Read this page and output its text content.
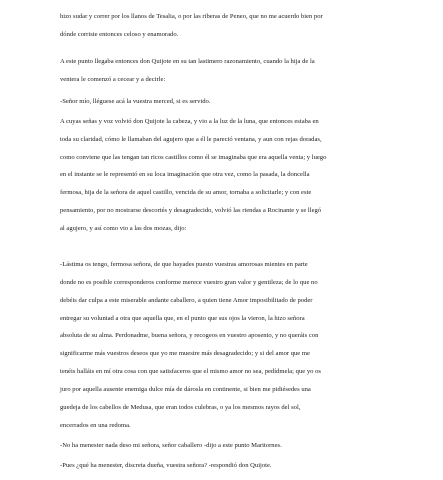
hizo sudar y correr por los llanos de Tesalia, o por las riberas de Peneo, que no me acuerdo bien por
dónde corriste entonces celoso y enamorado.
A este punto llegaba entonces don Quijote en su tan lastimero razonamiento, cuando la hija de la
ventera le comenzó a cecear y a decirle:
-Señor mío, lléguese acá la vuestra merced, si es servido.
A cuyas señas y voz volvió don Quijote la cabeza, y vio a la luz de la luna, que entonces estaba en
toda su claridad, cómo le llamaban del agujero que a él le pareció ventana, y aun con rejas doradas,
como conviene que las tengan tan ricos castillos como él se imaginaba que era aquella venta; y luego
en el instante se le representó en su loca imaginación que otra vez, como la pasada, la doncella
fermosa, hija de la señora de aquel castillo, vencida de su amor, tornaba a solicitarle; y con este
pensamiento, por no mostrarse descortés y desagradecido, volvió las riendas a Rocinante y se llegó
al agujero, y así como vio a las dos mozas, dijo:
-Lástima os tengo, fermosa señora, de que hayades puesto vuestras amorosas mientes en parte
donde no es posible corresponderos conforme merece vuestro gran valor y gentileza; de lo que no
debéis dar culpa a este miserable andante caballero, a quien tiene Amor imposibilitado de poder
entregar su voluntad a otra que aquella que, en el punto que sus ojos la vieron, la hizo señora
absoluta de su alma. Perdonadme, buena señora, y recogeos en vuestro aposento, y no queráis con
significarme más vuestros deseos que yo me muestre más desagradecido; y si del amor que me
tenéis halláis en mí otra cosa con que satisfaceros que el mismo amor no sea, pedídmela; que yo os
juro por aquella ausente enemiga dulce mía de dárosla en continente, si bien me pidiésedes una
guedeja de los cabellos de Medusa, que eran todos culebras, o ya los mesmos rayos del sol,
encerrados en una redoma.
-No ha menester nada deso mi señora, señor caballero -dijo a este punto Maritornes.
-Pues ¿qué ha menester, discreta dueña, vuestra señora? -respondió don Quijote.
